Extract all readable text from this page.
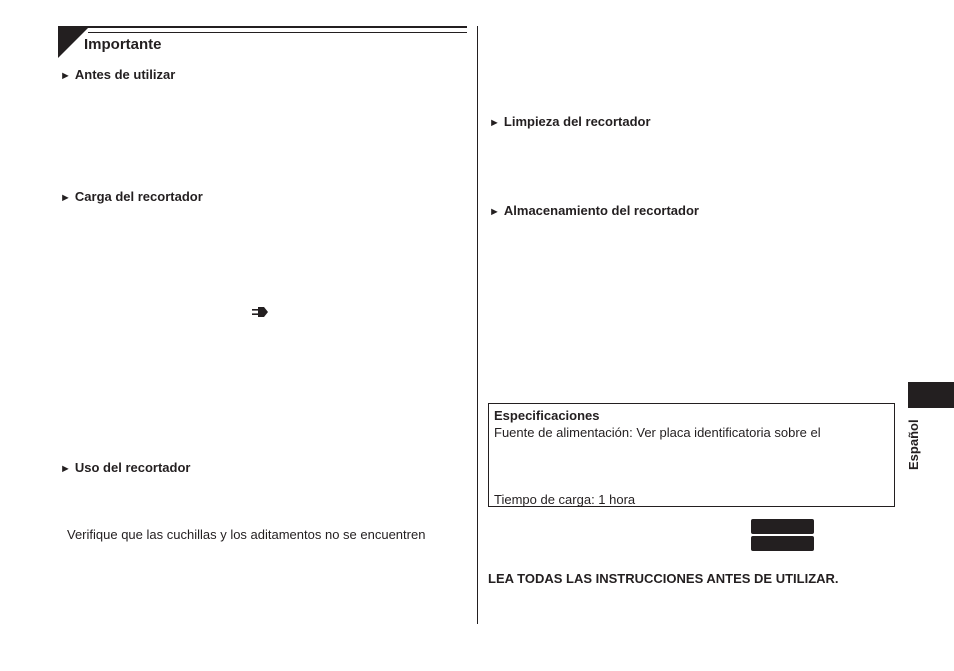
Importante
► Antes de utilizar
► Carga del recortador
► Uso del recortador
Verifique que las cuchillas y los aditamentos no se encuentren
► Limpieza del recortador
► Almacenamiento del recortador
Especificaciones
Fuente de alimentación: Ver placa identificatoria sobre el
Tiempo de carga: 1 hora
LEA TODAS LAS INSTRUCCIONES ANTES DE UTILIZAR.
Español
